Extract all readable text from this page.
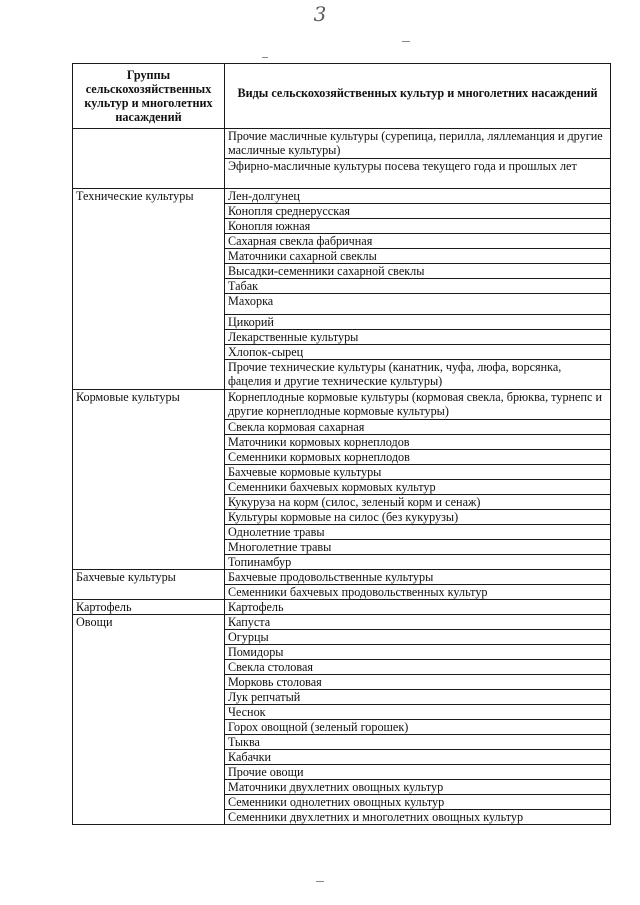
3
Группы сельскохозяйственных культур и многолетних насаждений	Виды сельскохозяйственных культур и многолетних насаждений
	Прочие масличные культуры (сурепица, перилла, ляллеманция и другие масличные культуры)
	Эфирно-масличные культуры посева текущего года и прошлых лет
Технические культуры	Лен-долгунец
	Конопля среднерусская
	Конопля южная
	Сахарная свекла фабричная
	Маточники сахарной свеклы
	Высадки-семенники сахарной свеклы
	Табак
	Махорка
	Цикорий
	Лекарственные культуры
	Хлопок-сырец
	Прочие технические культуры (канатник, чуфа, люфа, ворсянка, фацелия и другие технические культуры)
Кормовые культуры	Корнеплодные кормовые культуры (кормовая свекла, брюква, турнепс и другие корнеплодные кормовые культуры)
	Свекла кормовая сахарная
	Маточники кормовых корнеплодов
	Семенники кормовых корнеплодов
	Бахчевые кормовые культуры
	Семенники бахчевых кормовых культур
	Кукуруза на корм (силос, зеленый корм и сенаж)
	Культуры кормовые на силос (без кукурузы)
	Однолетние травы
	Многолетние травы
	Топинамбур
Бахчевые культуры	Бахчевые продовольственные культуры
	Семенники бахчевых продовольственных культур
Картофель	Картофель
Овощи	Капуста
	Огурцы
	Помидоры
	Свекла столовая
	Морковь столовая
	Лук репчатый
	Чеснок
	Горох овощной (зеленый горошек)
	Тыква
	Кабачки
	Прочие овощи
	Маточники двухлетних овощных культур
	Семенники однолетних овощных культур
	Семенники двухлетних и многолетних овощных культур
